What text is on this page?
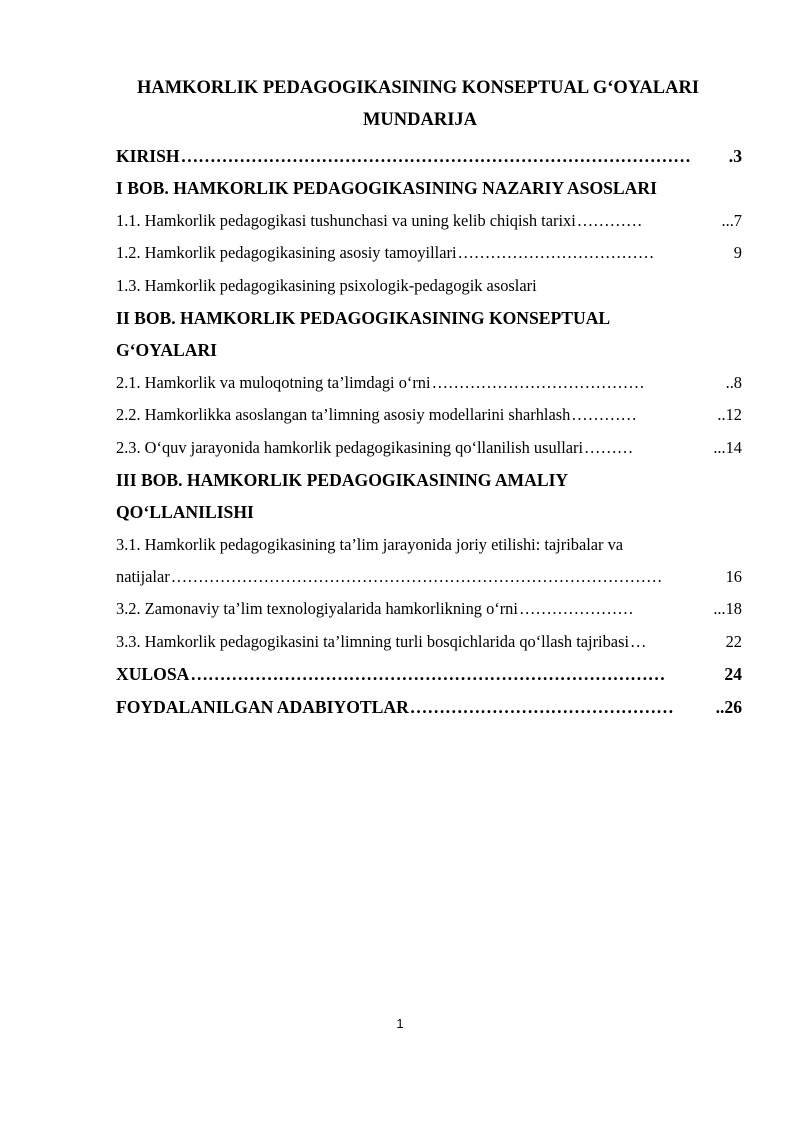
HAMKORLIK PEDAGOGIKASINING KONSEPTUAL G‘OYALARI
MUNDARIJA
KIRISH ……………………………………………………………………………	.3
I BOB. HAMKORLIK PEDAGOGIKASINING NAZARIY ASOSLARI
1.1. Hamkorlik pedagogikasi tushunchasi va uning kelib chiqish tarixi …………	...7
1.2. Hamkorlik pedagogikasining asosiy tamoyillari ………………………………	9
1.3. Hamkorlik pedagogikasining psixologik-pedagogik asoslari
II BOB. HAMKORLIK PEDAGOGIKASINING KONSEPTUAL
G‘OYALARI
2.1. Hamkorlik va muloqotning ta’limdagi o‘rni …………………………………	..8
2.2. Hamkorlikka asoslangan ta’limning asosiy modellarini sharhlash …………	..12
2.3. O‘quv jarayonida hamkorlik pedagogikasining qo‘llanilish usullari ………	...14
III BOB. HAMKORLIK PEDAGOGIKASINING AMALIY
QO‘LLANILISHI
3.1. Hamkorlik pedagogikasining ta’lim jarayonida joriy etilishi: tajribalar va
natijalar ………………………………………………………………………………	16
3.2. Zamonaviy ta’lim texnologiyalarida hamkorlikning o‘rni …………………	...18
3.3. Hamkorlik pedagogikasini ta’limning turli bosqichlarida qo‘llash tajribasi …	22
XULOSA ………………………………………………………………………	24
FOYDALANILGAN ADABIYOTLAR ………………………………………	..26
1
